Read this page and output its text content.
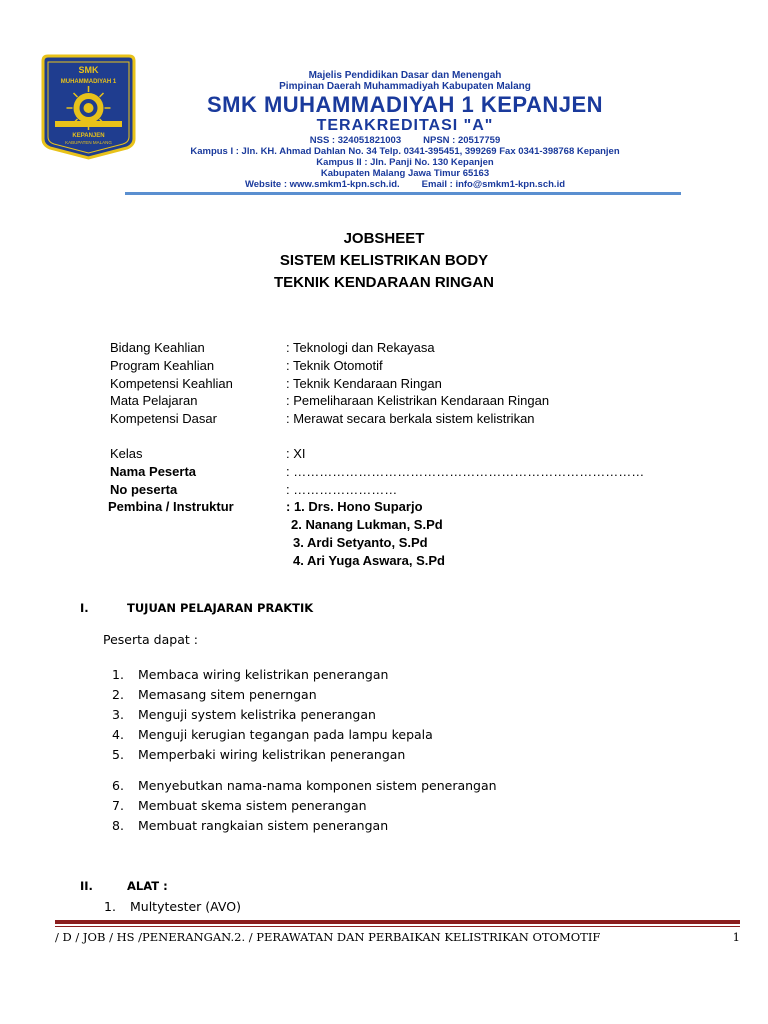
SMK
MUHAMMADIYAH 1
KEPANJEN
KABUPATEN MALANG
Majelis Pendidikan Dasar dan Menengah
Pimpinan Daerah Muhammadiyah Kabupaten Malang
SMK MUHAMMADIYAH 1 KEPANJEN
TERAKREDITASI "A"
NSS : 324051821003 NPSN : 20517759
Kampus I : Jln. KH. Ahmad Dahlan No. 34 Telp. 0341-395451, 399269 Fax 0341-398768 Kepanjen
Kampus II : Jln. Panji No. 130 Kepanjen
Kabupaten Malang Jawa Timur 65163
Website : www.smkm1-kpn.sch.id. Email : info@smkm1-kpn.sch.id
JOBSHEET
SISTEM KELISTRIKAN BODY
TEKNIK KENDARAAN RINGAN
Bidang Keahlian	: Teknologi dan Rekayasa
Program Keahlian	: Teknik Otomotif
Kompetensi Keahlian	: Teknik Kendaraan Ringan
Mata Pelajaran	: Pemeliharaan Kelistrikan Kendaraan Ringan
Kompetensi Dasar	: Merawat secara berkala sistem kelistrikan
Kelas	: XI
Nama Peserta	: ………………………………………………………………………
No peserta	: ……………………
Pembina / Instruktur	: 1. Drs. Hono Suparjo
2. Nanang Lukman, S.Pd
3. Ardi Setyanto, S.Pd
4. Ari Yuga Aswara, S.Pd
I.	TUJUAN PELAJARAN PRAKTIK
Peserta dapat :
1. Membaca wiring kelistrikan penerangan
2. Memasang sitem penerngan
3. Menguji system kelistrika penerangan
4. Menguji kerugian tegangan pada lampu kepala
5. Memperbaki wiring kelistrikan penerangan
6. Menyebutkan nama-nama komponen sistem penerangan
7. Membuat skema sistem penerangan
8. Membuat rangkaian sistem penerangan
II.	ALAT :
1. Multytester (AVO)
/ D / JOB / HS /PENERANGAN.2. / PERAWATAN DAN PERBAIKAN KELISTRIKAN OTOMOTIF	1
